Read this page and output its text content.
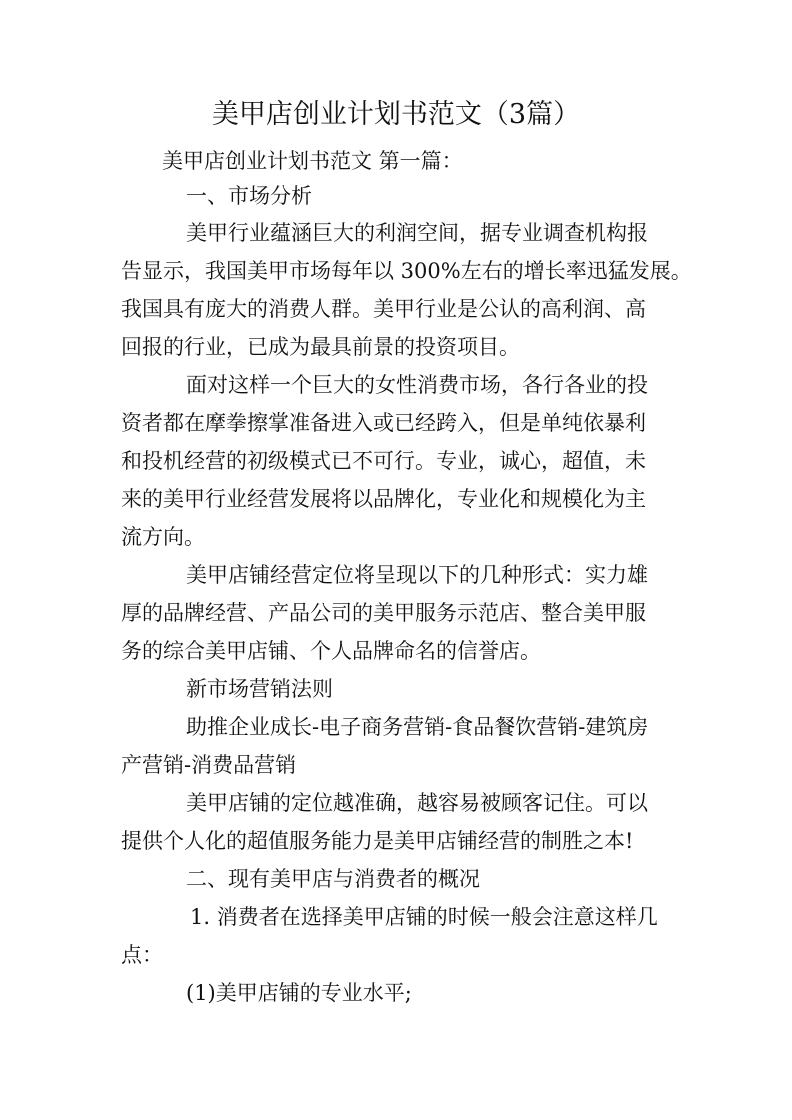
美甲店创业计划书范文（3篇）
美甲店创业计划书范文 第一篇：
一、市场分析
美甲行业蕴涵巨大的利润空间，据专业调查机构报
告显示，我国美甲市场每年以 300%左右的增长率迅猛发展。
我国具有庞大的消费人群。美甲行业是公认的高利润、高
回报的行业，已成为最具前景的投资项目。
面对这样一个巨大的女性消费市场，各行各业的投
资者都在摩拳擦掌准备进入或已经跨入，但是单纯依暴利
和投机经营的初级模式已不可行。专业，诚心，超值，未
来的美甲行业经营发展将以品牌化，专业化和规模化为主
流方向。
美甲店铺经营定位将呈现以下的几种形式：实力雄
厚的品牌经营、产品公司的美甲服务示范店、整合美甲服
务的综合美甲店铺、个人品牌命名的信誉店。
新市场营销法则
助推企业成长-电子商务营销-食品餐饮营销-建筑房
产营销-消费品营销
美甲店铺的定位越准确，越容易被顾客记住。可以
提供个人化的超值服务能力是美甲店铺经营的制胜之本!
二、现有美甲店与消费者的概况
1. 消费者在选择美甲店铺的时候一般会注意这样几
点：
(1)美甲店铺的专业水平;
